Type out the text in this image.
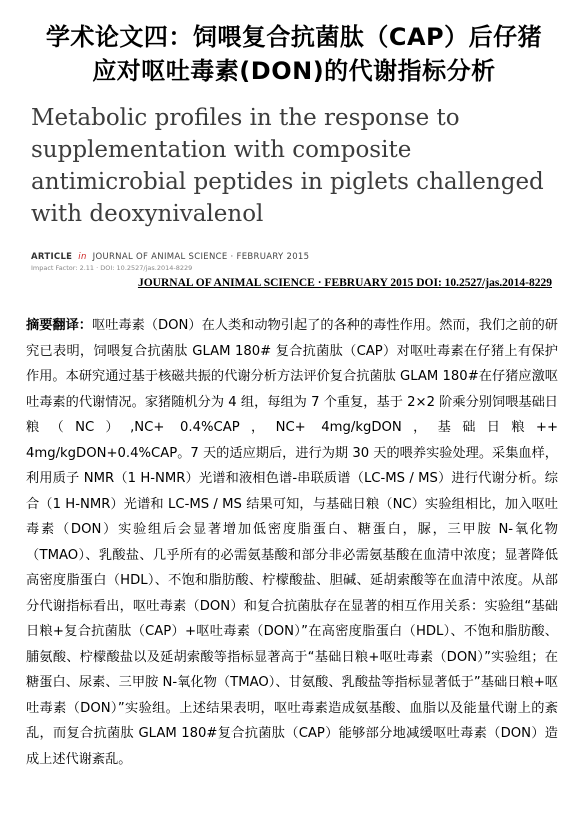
学术论文四：饲喂复合抗菌肽（CAP）后仔猪
应对呕吐毒素(DON)的代谢指标分析
Metabolic profiles in the response to supplementation with composite antimicrobial peptides in piglets challenged with deoxynivalenol
ARTICLE in JOURNAL OF ANIMAL SCIENCE · FEBRUARY 2015
Impact Factor: 2.11 · DOI: 10.2527/jas.2014-8229
JOURNAL OF ANIMAL SCIENCE · FEBRUARY 2015 DOI: 10.2527/jas.2014-8229

摘要翻译：呕吐毒素（DON）在人类和动物引起了的各种的毒性作用。然而，我们之前的研究已表明，饲喂复合抗菌肽 GLAM 180# 复合抗菌肽（CAP）对呕吐毒素在仔猪上有保护作用。本研究通过基于核磁共振的代谢分析方法评价复合抗菌肽 GLAM 180#在仔猪应激呕吐毒素的代谢情况。家猪随机分为 4 组，每组为 7 个重复，基于 2×2 阶乘分别饲喂基础日粮（NC）,NC+ 0.4%CAP，NC+ 4mg/kgDON，基础日粮++ 4mg/kgDON+0.4%CAP。7 天的适应期后，进行为期 30 天的喂养实验处理。采集血样，利用质子 NMR（1 H-NMR）光谱和液相色谱-串联质谱（LC-MS / MS）进行代谢分析。综合（1 H-NMR）光谱和 LC-MS / MS 结果可知，与基础日粮（NC）实验组相比，加入呕吐毒素（DON）实验组后会显著增加低密度脂蛋白、糖蛋白，脲，三甲胺 N-氧化物（TMAO）、乳酸盐、几乎所有的必需氨基酸和部分非必需氨基酸在血清中浓度；显著降低高密度脂蛋白（HDL）、不饱和脂肪酸、柠檬酸盐、胆碱、延胡索酸等在血清中浓度。从部分代谢指标看出，呕吐毒素（DON）和复合抗菌肽存在显著的相互作用关系：实验组“基础日粮+复合抗菌肽（CAP）+呕吐毒素（DON）”在高密度脂蛋白（HDL）、不饱和脂肪酸、脯氨酸、柠檬酸盐以及延胡索酸等指标显著高于“基础日粮+呕吐毒素（DON）”实验组；在糖蛋白、尿素、三甲胺 N-氧化物（TMAO）、甘氨酸、乳酸盐等指标显著低于”基础日粮+呕吐毒素（DON）”实验组。上述结果表明，呕吐毒素造成氨基酸、血脂以及能量代谢上的紊乱，而复合抗菌肽 GLAM 180#复合抗菌肽（CAP）能够部分地减缓呕吐毒素（DON）造成上述代谢紊乱。
